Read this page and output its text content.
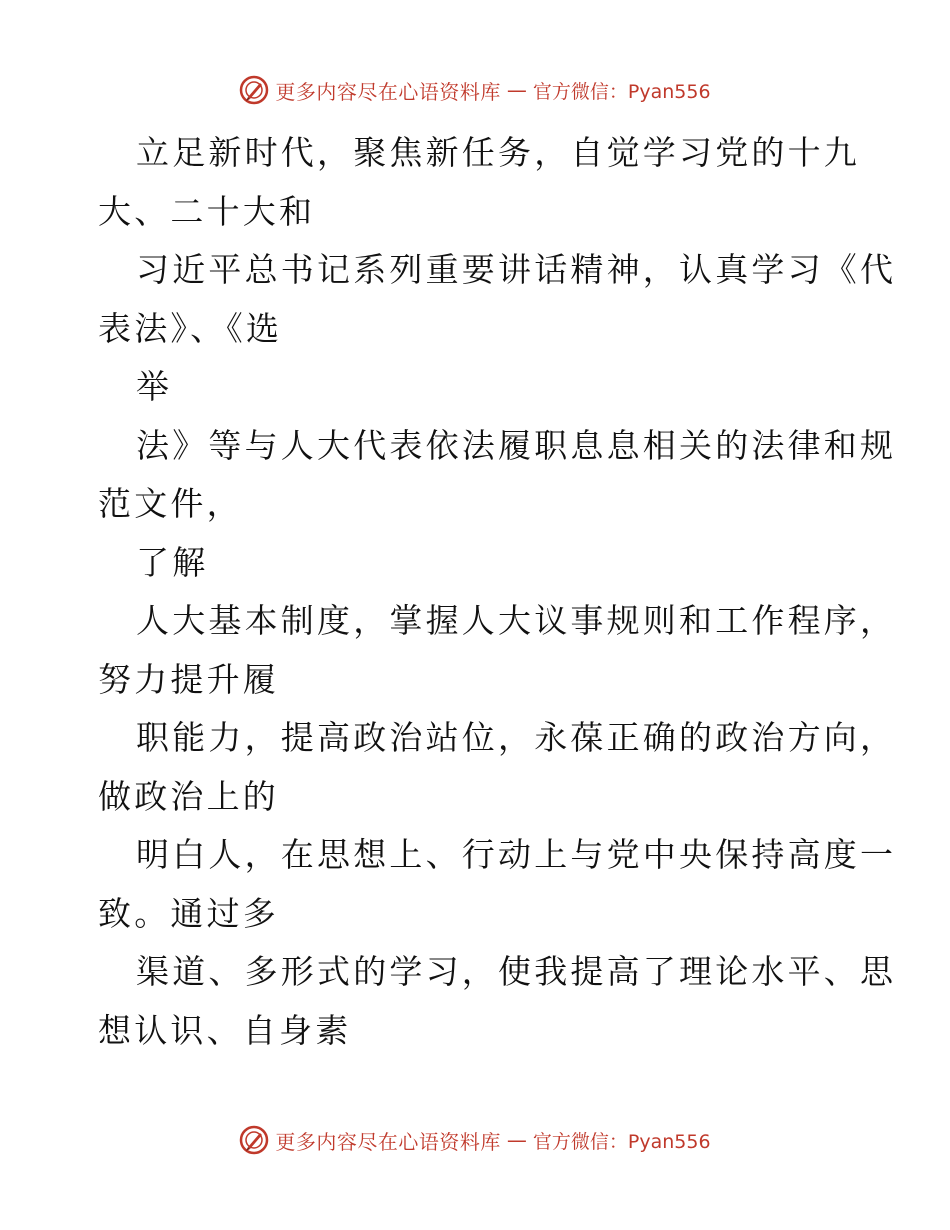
更多内容尽在心语资料库 — 官方微信：Pyan556
立足新时代，聚焦新任务，自觉学习党的十九
大、二十大和
习近平总书记系列重要讲话精神，认真学习《代
表法》、《选
举
法》等与人大代表依法履职息息相关的法律和规
范文件，
了解
人大基本制度，掌握人大议事规则和工作程序，
努力提升履
职能力，提高政治站位，永葆正确的政治方向，
做政治上的
明白人，在思想上、行动上与党中央保持高度一
致。通过多
渠道、多形式的学习，使我提高了理论水平、思
想认识、自身素
更多内容尽在心语资料库 — 官方微信：Pyan556
